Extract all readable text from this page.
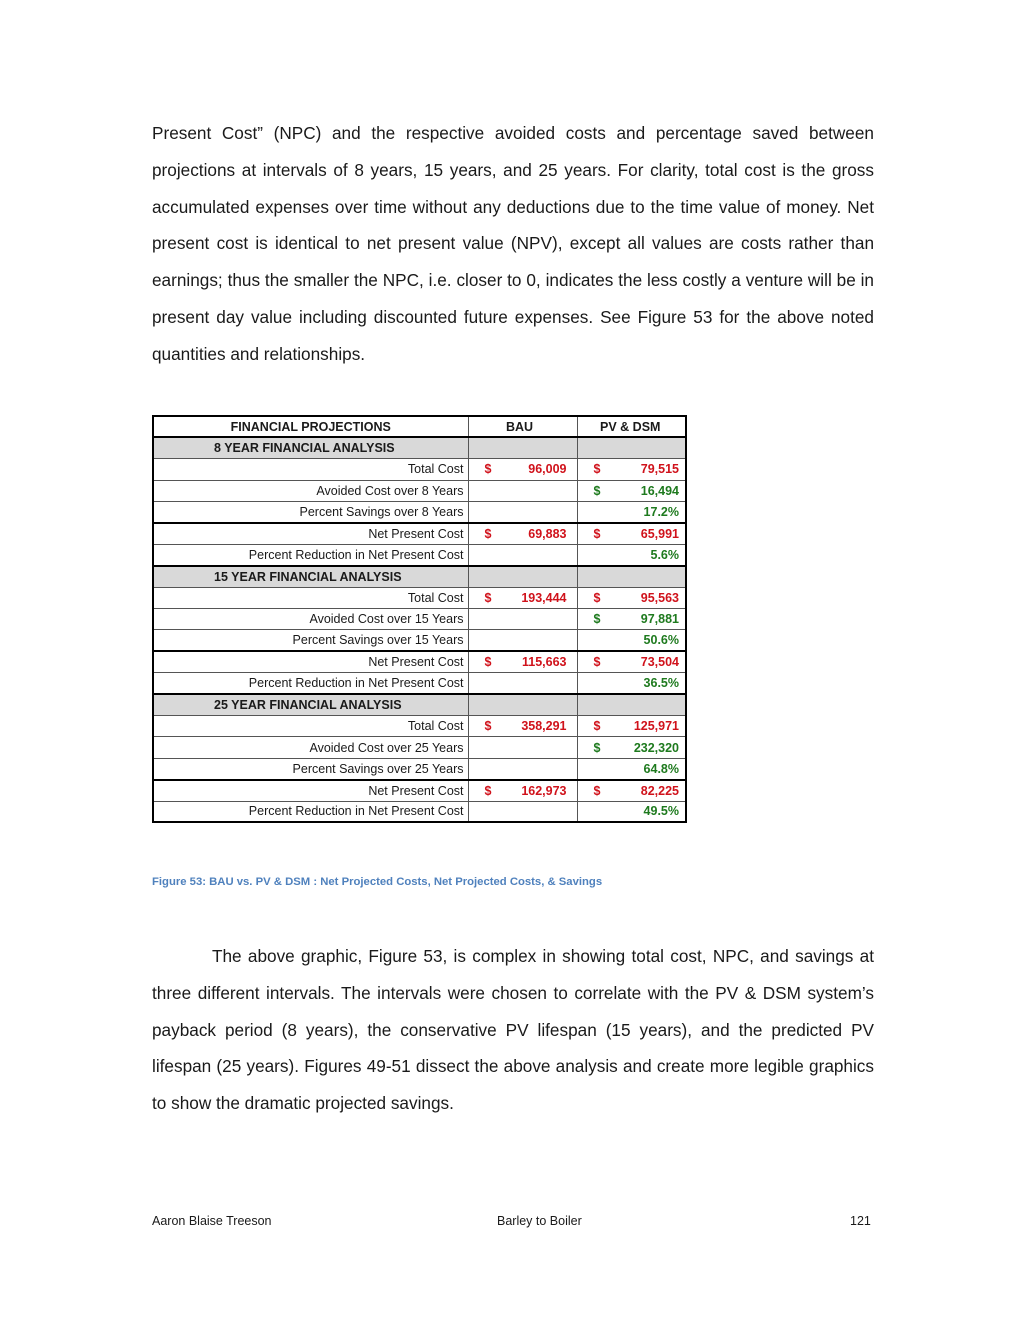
Present Cost” (NPC) and the respective avoided costs and percentage saved between projections at intervals of 8 years, 15 years, and 25 years. For clarity, total cost is the gross accumulated expenses over time without any deductions due to the time value of money. Net present cost is identical to net present value (NPV), except all values are costs rather than earnings; thus the smaller the NPC, i.e. closer to 0, indicates the less costly a venture will be in present day value including discounted future expenses. See Figure 53 for the above noted quantities and relationships.

FINANCIAL PROJECTIONS	BAU	PV & DSM
8 YEAR FINANCIAL ANALYSIS		
Total Cost	$ 96,009	$ 79,515
Avoided Cost over 8 Years		$ 16,494
Percent Savings over 8 Years		17.2%
Net Present Cost	$ 69,883	$ 65,991
Percent Reduction in Net Present Cost		5.6%
15 YEAR FINANCIAL ANALYSIS		
Total Cost	$ 193,444	$ 95,563
Avoided Cost over 15 Years		$ 97,881
Percent Savings over 15 Years		50.6%
Net Present Cost	$ 115,663	$ 73,504
Percent Reduction in Net Present Cost		36.5%
25 YEAR FINANCIAL ANALYSIS		
Total Cost	$ 358,291	$ 125,971
Avoided Cost over 25 Years		$ 232,320
Percent Savings over 25 Years		64.8%
Net Present Cost	$ 162,973	$ 82,225
Percent Reduction in Net Present Cost		49.5%
Figure 53: BAU vs. PV & DSM : Net Projected Costs, Net Projected Costs, & Savings

The above graphic, Figure 53, is complex in showing total cost, NPC, and savings at three different intervals. The intervals were chosen to correlate with the PV & DSM system’s payback period (8 years), the conservative PV lifespan (15 years), and the predicted PV lifespan (25 years). Figures 49-51 dissect the above analysis and create more legible graphics to show the dramatic projected savings.

Aaron Blaise Treeson	Barley to Boiler	121
